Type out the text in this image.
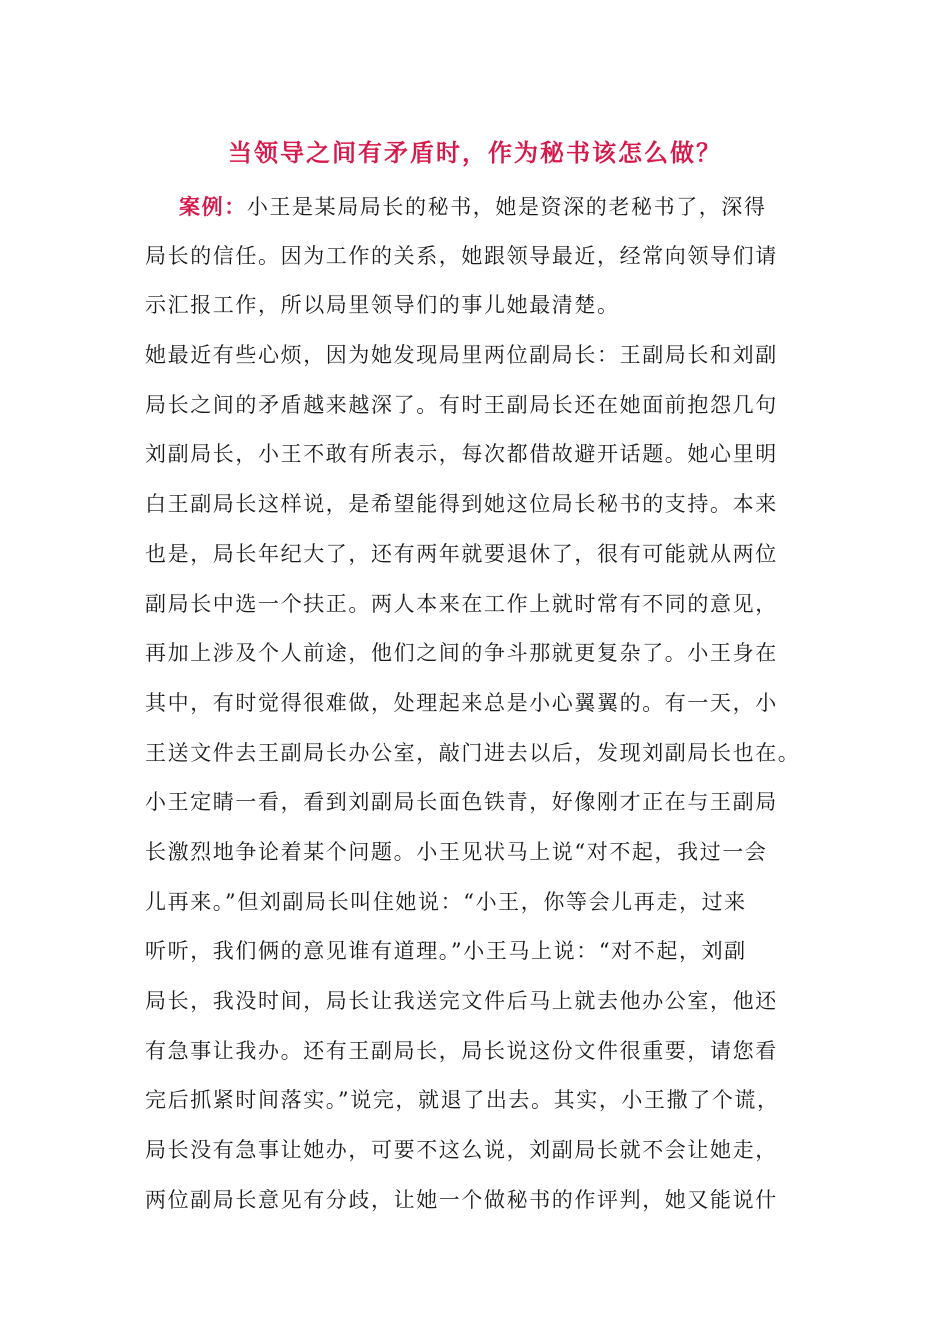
当领导之间有矛盾时，作为秘书该怎么做？
案例：小王是某局局长的秘书，她是资深的老秘书了，深得
局长的信任。因为工作的关系，她跟领导最近，经常向领导们请
示汇报工作，所以局里领导们的事儿她最清楚。
她最近有些心烦，因为她发现局里两位副局长：王副局长和刘副
局长之间的矛盾越来越深了。有时王副局长还在她面前抱怨几句
刘副局长，小王不敢有所表示，每次都借故避开话题。她心里明
白王副局长这样说，是希望能得到她这位局长秘书的支持。本来
也是，局长年纪大了，还有两年就要退休了，很有可能就从两位
副局长中选一个扶正。两人本来在工作上就时常有不同的意见，
再加上涉及个人前途，他们之间的争斗那就更复杂了。小王身在
其中，有时觉得很难做，处理起来总是小心翼翼的。有一天，小
王送文件去王副局长办公室，敲门进去以后，发现刘副局长也在。
小王定睛一看，看到刘副局长面色铁青，好像刚才正在与王副局
长激烈地争论着某个问题。小王见状马上说“对不起，我过一会
儿再来。”但刘副局长叫住她说：“小王，你等会儿再走，过来
听听，我们俩的意见谁有道理。”小王马上说：“对不起，刘副
局长，我没时间，局长让我送完文件后马上就去他办公室，他还
有急事让我办。还有王副局长，局长说这份文件很重要，请您看
完后抓紧时间落实。”说完，就退了出去。其实，小王撒了个谎，
局长没有急事让她办，可要不这么说，刘副局长就不会让她走，
两位副局长意见有分歧，让她一个做秘书的作评判，她又能说什
